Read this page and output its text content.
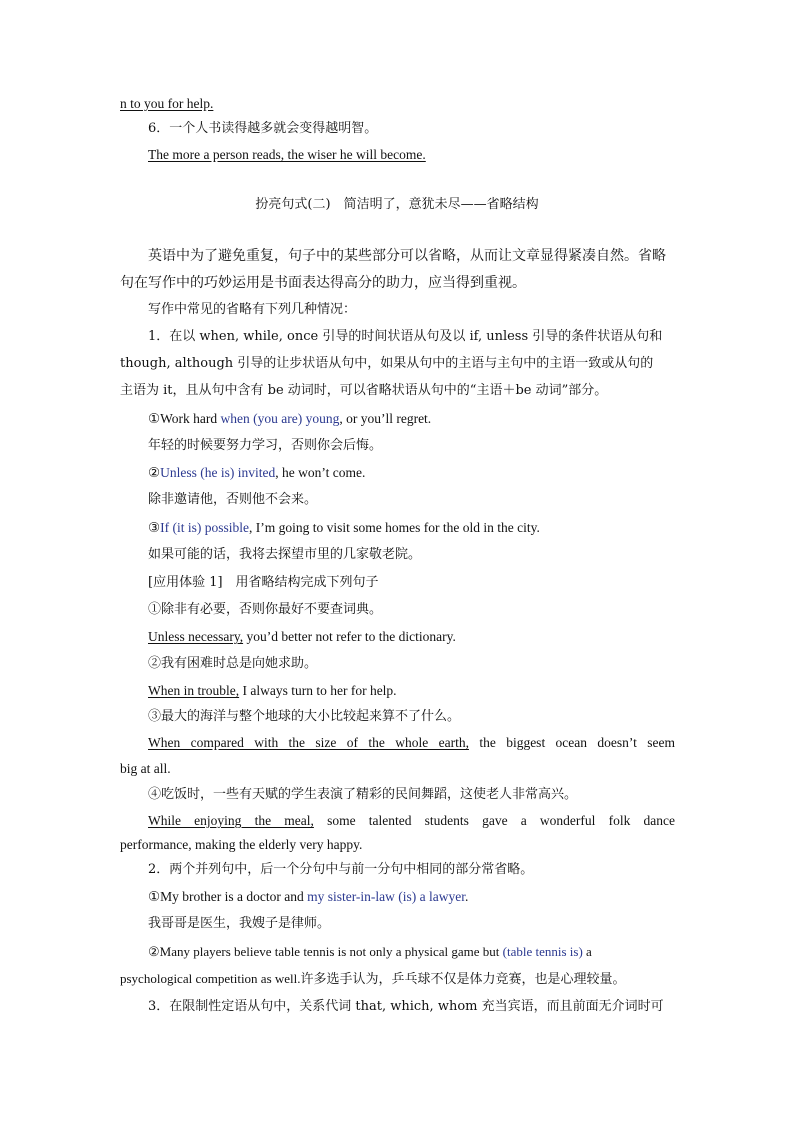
n to you for help.
6．一个人书读得越多就会变得越明智。
The more a person reads, the wiser he will become.
扮亮句式(二)　简洁明了，意犹未尽——省略结构
英语中为了避免重复，句子中的某些部分可以省略，从而让文章显得紧凑自然。省略
句在写作中的巧妙运用是书面表达得高分的助力，应当得到重视。
写作中常见的省略有下列几种情况：
1．在以 when, while, once 引导的时间状语从句及以 if, unless 引导的条件状语从句和
though, although 引导的让步状语从句中，如果从句中的主语与主句中的主语一致或从句的
主语为 it，且从句中含有 be 动词时，可以省略状语从句中的“主语＋be 动词”部分。
①Work hard when (you are) young, or you’ll regret.
年轻的时候要努力学习，否则你会后悔。
②Unless (he is) invited, he won’t come.
除非邀请他，否则他不会来。
③If (it is) possible, I’m going to visit some homes for the old in the city.
如果可能的话，我将去探望市里的几家敬老院。
[应用体验 1]　用省略结构完成下列句子
①除非有必要，否则你最好不要查词典。
Unless necessary, you’d better not refer to the dictionary.
②我有困难时总是向她求助。
When in trouble, I always turn to her for help.
③最大的海洋与整个地球的大小比较起来算不了什么。
When compared with the size of the whole earth, the biggest ocean doesn’t seem
big at all.
④吃饭时，一些有天赋的学生表演了精彩的民间舞蹈，这使老人非常高兴。
While enjoying the meal, some talented students gave a wonderful folk dance
performance, making the elderly very happy.
2．两个并列句中，后一个分句中与前一分句中相同的部分常省略。
①My brother is a doctor and my sister-in-law (is) a lawyer.
我哥哥是医生，我嫂子是律师。
②Many players believe table tennis is not only a physical game but (table tennis is) a
psychological competition as well.许多选手认为，乒乓球不仅是体力竞赛，也是心理较量。
3．在限制性定语从句中，关系代词 that, which, whom 充当宾语，而且前面无介词时可
